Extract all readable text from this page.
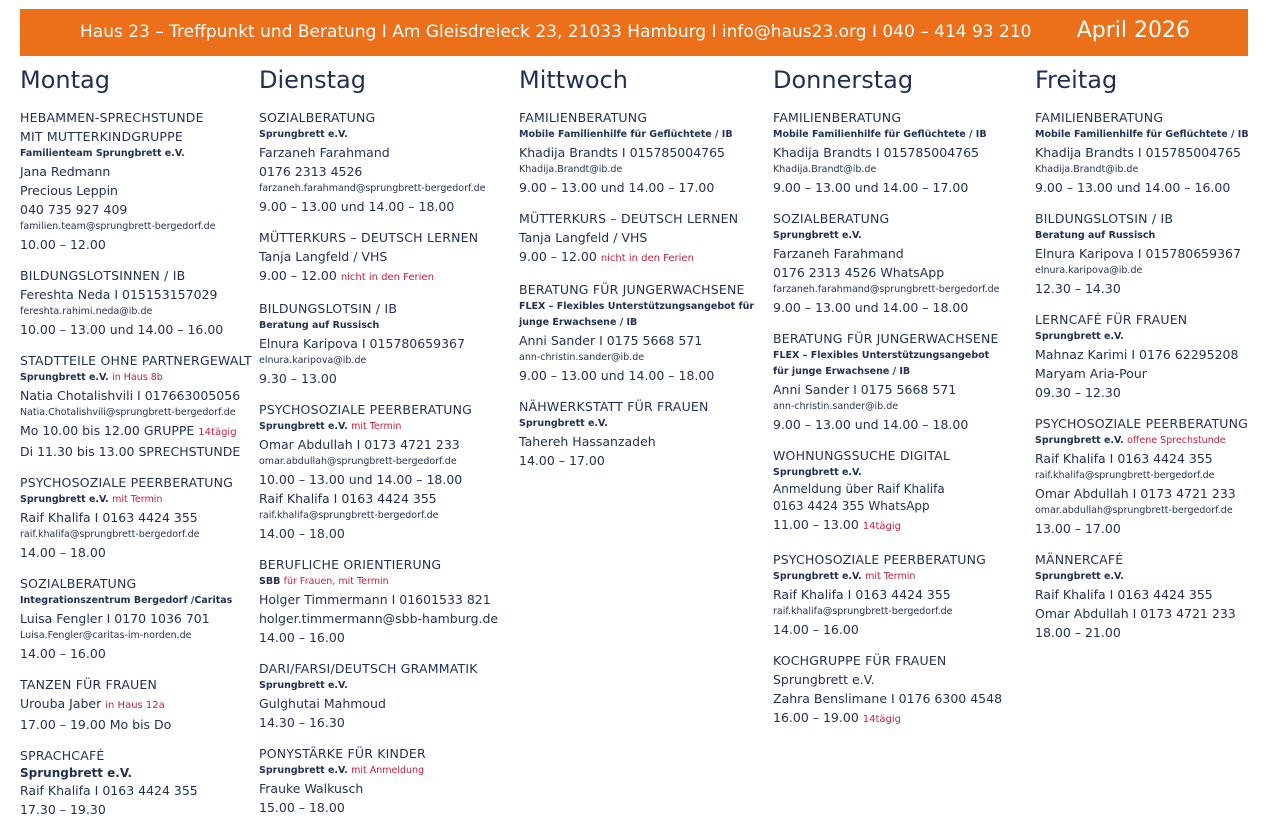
Haus 23 – Treffpunkt und Beratung I Am Gleisdreieck 23, 21033 Hamburg I info@haus23.org I 040 – 414 93 210 April 2026
Montag
HEBAMMEN-SPRECHSTUNDE
MIT MUTTERKINDGRUPPE
Familienteam Sprungbrett e.V.
Jana Redmann
Precious Leppin
040 735 927 409
familien.team@sprungbrett-bergedorf.de
10.00 – 12.00
BILDUNGSLOTSINNEN / IB
Fereshta Neda I 015153157029
fereshta.rahimi.neda@ib.de
10.00 – 13.00 und 14.00 – 16.00
STADTTEILE OHNE PARTNERGEWALT
Sprungbrett e.V. in Haus 8b
Natia Chotalishvili I 017663005056
Natia.Chotalishvili@sprungbrett-bergedorf.de
Mo 10.00 bis 12.00 GRUPPE 14tägig
Di 11.30 bis 13.00 SPRECHSTUNDE
PSYCHOSOZIALE PEERBERATUNG
Sprungbrett e.V. mit Termin
Raif Khalifa I 0163 4424 355
raif.khalifa@sprungbrett-bergedorf.de
14.00 – 18.00
SOZIALBERATUNG
Integrationszentrum Bergedorf /Caritas
Luisa Fengler I 0170 1036 701
Luisa.Fengler@caritas-im-norden.de
14.00 – 16.00
TANZEN FÜR FRAUEN
Urouba Jaber in Haus 12a
17.00 – 19.00 Mo bis Do
SPRACHCAFÉ
Sprungbrett e.V.
Raif Khalifa I 0163 4424 355
17.30 – 19.30
Dienstag
SOZIALBERATUNG
Sprungbrett e.V.
Farzaneh Farahmand
0176 2313 4526
farzaneh.farahmand@sprungbrett-bergedorf.de
9.00 – 13.00 und 14.00 – 18.00
MÜTTERKURS – DEUTSCH LERNEN
Tanja Langfeld / VHS
9.00 – 12.00 nicht in den Ferien
BILDUNGSLOTSIN / IB
Beratung auf Russisch
Elnura Karipova I 015780659367
elnura.karipova@ib.de
9.30 – 13.00
PSYCHOSOZIALE PEERBERATUNG
Sprungbrett e.V. mit Termin
Omar Abdullah I 0173 4721 233
omar.abdullah@sprungbrett-bergedorf.de
10.00 – 13.00 und 14.00 – 18.00
Raif Khalifa I 0163 4424 355
raif.khalifa@sprungbrett-bergedorf.de
14.00 – 18.00
BERUFLICHE ORIENTIERUNG
SBB für Frauen, mit Termin
Holger Timmermann I 01601533 821
holger.timmermann@sbb-hamburg.de
14.00 – 16.00
DARI/FARSI/DEUTSCH GRAMMATIK
Sprungbrett e.V.
Gulghutai Mahmoud
14.30 – 16.30
PONYSTÄRKE FÜR KINDER
Sprungbrett e.V. mit Anmeldung
Frauke Walkusch
15.00 – 18.00
Mittwoch
FAMILIENBERATUNG
Mobile Familienhilfe für Geflüchtete / IB
Khadija Brandts I 015785004765
Khadija.Brandt@ib.de
9.00 – 13.00 und 14.00 – 17.00
MÜTTERKURS – DEUTSCH LERNEN
Tanja Langfeld / VHS
9.00 – 12.00 nicht in den Ferien
BERATUNG FÜR JUNGERWACHSENE
FLEX – Flexibles Unterstützungsangebot für
junge Erwachsene / IB
Anni Sander I 0175 5668 571
ann-christin.sander@ib.de
9.00 – 13.00 und 14.00 – 18.00
NÄHWERKSTATT FÜR FRAUEN
Sprungbrett e.V.
Tahereh Hassanzadeh
14.00 – 17.00
Donnerstag
FAMILIENBERATUNG
Mobile Familienhilfe für Geflüchtete / IB
Khadija Brandts I 015785004765
Khadija.Brandt@ib.de
9.00 – 13.00 und 14.00 – 17.00
SOZIALBERATUNG
Sprungbrett e.V.
Farzaneh Farahmand
0176 2313 4526 WhatsApp
farzaneh.farahmand@sprungbrett-bergedorf.de
9.00 – 13.00 und 14.00 – 18.00
BERATUNG FÜR JUNGERWACHSENE
FLEX – Flexibles Unterstützungsangebot
für junge Erwachsene / IB
Anni Sander I 0175 5668 571
ann-christin.sander@ib.de
9.00 – 13.00 und 14.00 – 18.00
WOHNUNGSSUCHE DIGITAL
Sprungbrett e.V.
Anmeldung über Raif Khalifa
0163 4424 355 WhatsApp
11.00 – 13.00 14tägig
PSYCHOSOZIALE PEERBERATUNG
Sprungbrett e.V. mit Termin
Raif Khalifa I 0163 4424 355
raif.khalifa@sprungbrett-bergedorf.de
14.00 – 16.00
KOCHGRUPPE FÜR FRAUEN
Sprungbrett e.V.
Zahra Benslimane I 0176 6300 4548
16.00 – 19.00 14tägig
Freitag
FAMILIENBERATUNG
Mobile Familienhilfe für Geflüchtete / IB
Khadija Brandts I 015785004765
Khadija.Brandt@ib.de
9.00 – 13.00 und 14.00 – 16.00
BILDUNGSLOTSIN / IB
Beratung auf Russisch
Elnura Karipova I 015780659367
elnura.karipova@ib.de
12.30 – 14.30
LERNCAFÉ FÜR FRAUEN
Sprungbrett e.V.
Mahnaz Karimi I 0176 62295208
Maryam Aria-Pour
09.30 – 12.30
PSYCHOSOZIALE PEERBERATUNG
Sprungbrett e.V. offene Sprechstunde
Raif Khalifa I 0163 4424 355
raif.khalifa@sprungbrett-bergedorf.de
Omar Abdullah I 0173 4721 233
omar.abdullah@sprungbrett-bergedorf.de
13.00 – 17.00
MÄNNERCAFÉ
Sprungbrett e.V.
Raif Khalifa I 0163 4424 355
Omar Abdullah I 0173 4721 233
18.00 – 21.00
